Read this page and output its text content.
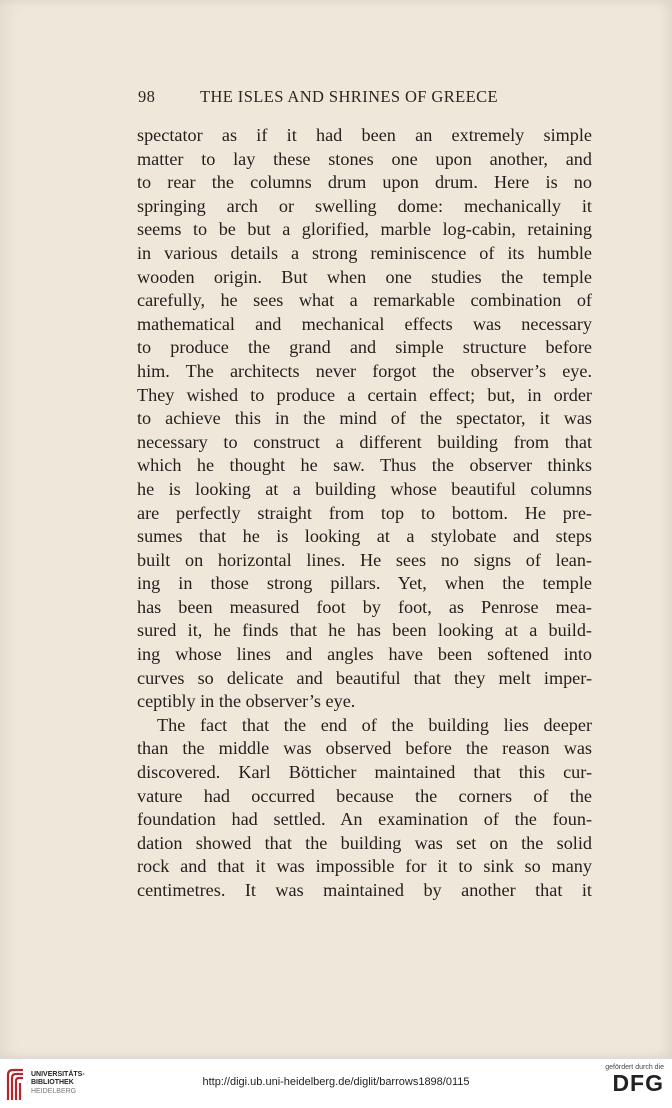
98	THE ISLES AND SHRINES OF GREECE
spectator as if it had been an extremely simple
matter to lay these stones one upon another, and
to rear the columns drum upon drum. Here is no
springing arch or swelling dome: mechanically it
seems to be but a glorified, marble log-cabin, retaining
in various details a strong reminiscence of its humble
wooden origin. But when one studies the temple
carefully, he sees what a remarkable combination of
mathematical and mechanical effects was necessary
to produce the grand and simple structure before
him. The architects never forgot the observer’s eye.
They wished to produce a certain effect; but, in order
to achieve this in the mind of the spectator, it was
necessary to construct a different building from that
which he thought he saw. Thus the observer thinks
he is looking at a building whose beautiful columns
are perfectly straight from top to bottom. He pre-
sumes that he is looking at a stylobate and steps
built on horizontal lines. He sees no signs of lean-
ing in those strong pillars. Yet, when the temple
has been measured foot by foot, as Penrose mea-
sured it, he finds that he has been looking at a build-
ing whose lines and angles have been softened into
curves so delicate and beautiful that they melt imper-
ceptibly in the observer’s eye.
The fact that the end of the building lies deeper
than the middle was observed before the reason was
discovered. Karl Bötticher maintained that this cur-
vature had occurred because the corners of the
foundation had settled. An examination of the foun-
dation showed that the building was set on the solid
rock and that it was impossible for it to sink so many
centimetres. It was maintained by another that it
UNIVERSITÄTS-
BIBLIOTHEK
HEIDELBERG
http://digi.ub.uni-heidelberg.de/diglit/barrows1898/0115
gefördert durch die
DFG
